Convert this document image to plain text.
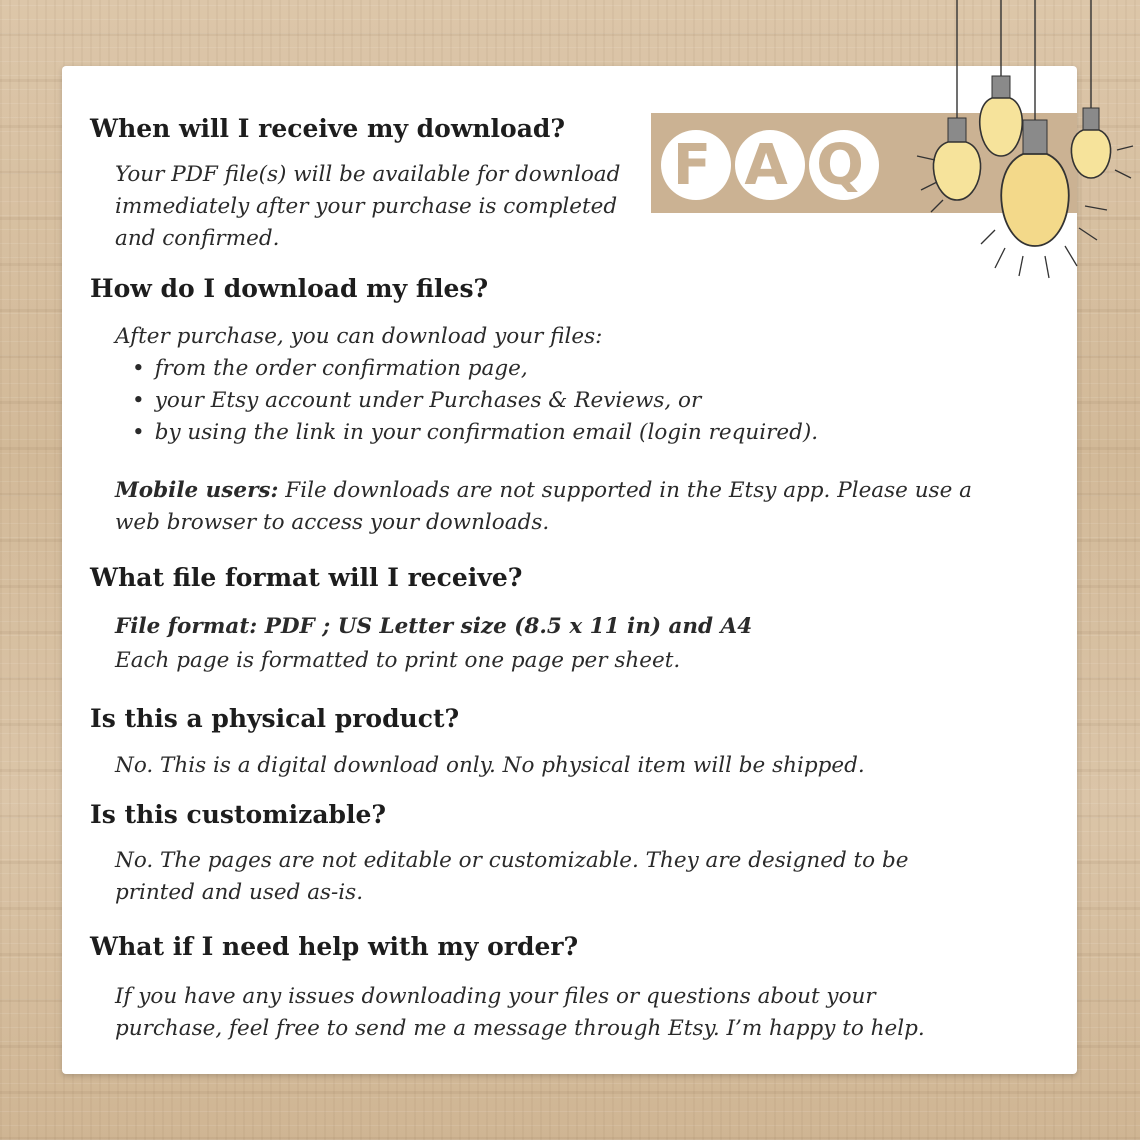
F A Q
When will I receive my download?
Your PDF file(s) will be available for download
immediately after your purchase is completed
and confirmed.
How do I download my files?
After purchase, you can download your files:
• from the order confirmation page,
• your Etsy account under Purchases & Reviews, or
• by using the link in your confirmation email (login required).
Mobile users: File downloads are not supported in the Etsy app. Please use a
web browser to access your downloads.
What file format will I receive?
File format: PDF ; US Letter size (8.5 x 11 in) and A4
Each page is formatted to print one page per sheet.
Is this a physical product?
No. This is a digital download only. No physical item will be shipped.
Is this customizable?
No. The pages are not editable or customizable. They are designed to be
printed and used as-is.
What if I need help with my order?
If you have any issues downloading your files or questions about your
purchase, feel free to send me a message through Etsy. I’m happy to help.
